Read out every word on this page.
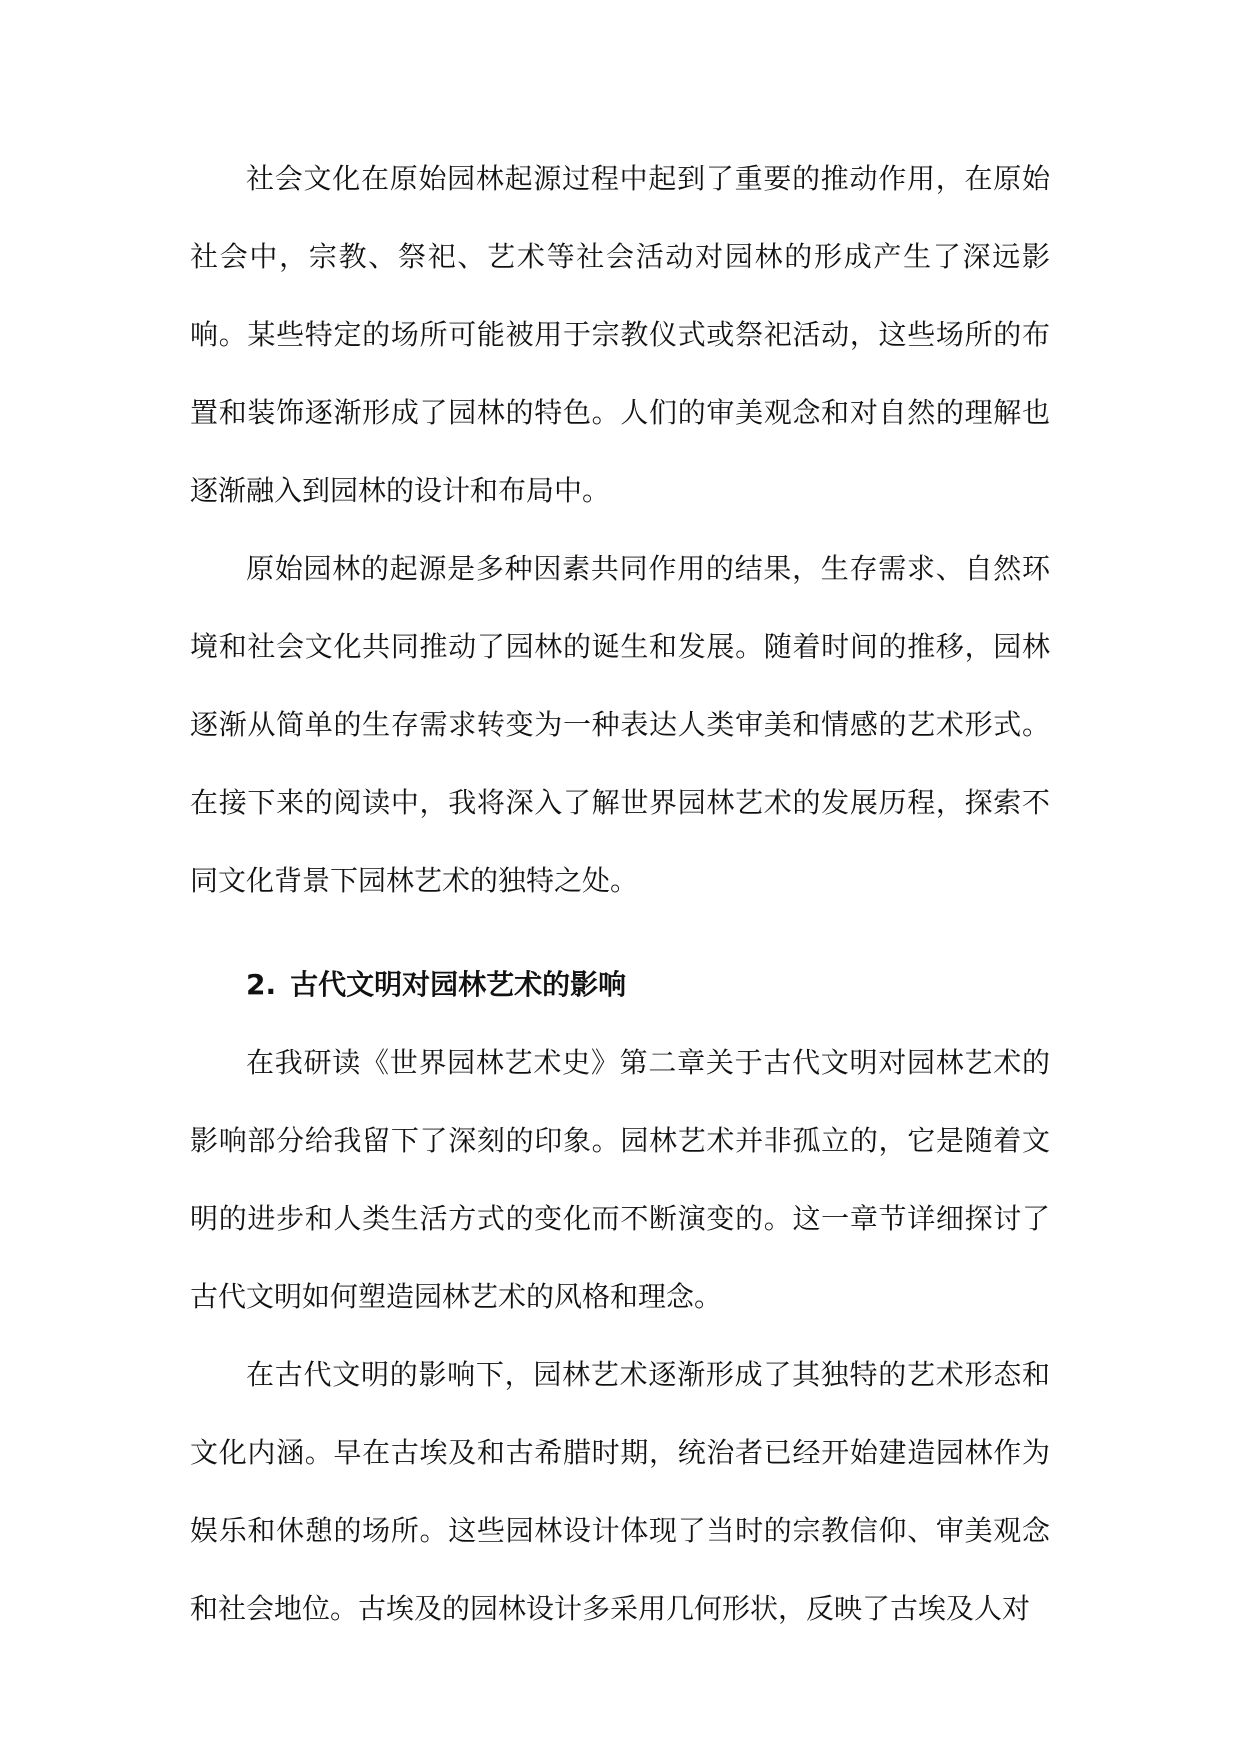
社会文化在原始园林起源过程中起到了重要的推动作用，在原始社会中，宗教、祭祀、艺术等社会活动对园林的形成产生了深远影响。某些特定的场所可能被用于宗教仪式或祭祀活动，这些场所的布置和装饰逐渐形成了园林的特色。人们的审美观念和对自然的理解也逐渐融入到园林的设计和布局中。

原始园林的起源是多种因素共同作用的结果，生存需求、自然环境和社会文化共同推动了园林的诞生和发展。随着时间的推移，园林逐渐从简单的生存需求转变为一种表达人类审美和情感的艺术形式。在接下来的阅读中，我将深入了解世界园林艺术的发展历程，探索不同文化背景下园林艺术的独特之处。

2. 古代文明对园林艺术的影响

在我研读《世界园林艺术史》第二章关于古代文明对园林艺术的影响部分给我留下了深刻的印象。园林艺术并非孤立的，它是随着文明的进步和人类生活方式的变化而不断演变的。这一章节详细探讨了古代文明如何塑造园林艺术的风格和理念。

在古代文明的影响下，园林艺术逐渐形成了其独特的艺术形态和文化内涵。早在古埃及和古希腊时期，统治者已经开始建造园林作为娱乐和休憩的场所。这些园林设计体现了当时的宗教信仰、审美观念和社会地位。古埃及的园林设计多采用几何形状，反映了古埃及人对
